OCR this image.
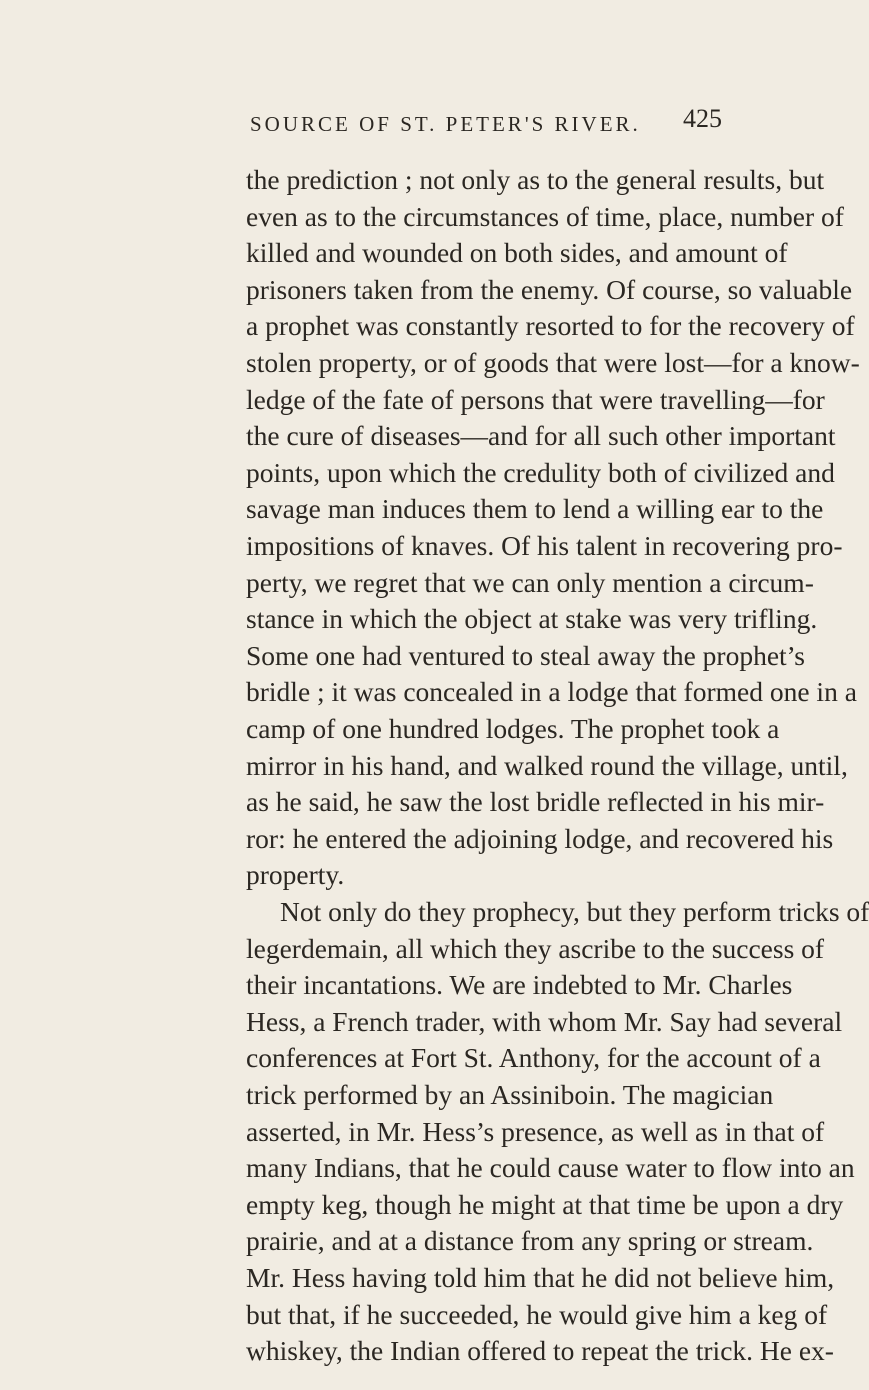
SOURCE OF ST. PETER'S RIVER. 425
the prediction ; not only as to the general results, but
even as to the circumstances of time, place, number of
killed and wounded on both sides, and amount of
prisoners taken from the enemy. Of course, so valuable
a prophet was constantly resorted to for the recovery of
stolen property, or of goods that were lost—for a know-
ledge of the fate of persons that were travelling—for
the cure of diseases—and for all such other important
points, upon which the credulity both of civilized and
savage man induces them to lend a willing ear to the
impositions of knaves. Of his talent in recovering pro-
perty, we regret that we can only mention a circum-
stance in which the object at stake was very trifling.
Some one had ventured to steal away the prophet’s
bridle ; it was concealed in a lodge that formed one in a
camp of one hundred lodges. The prophet took a
mirror in his hand, and walked round the village, until,
as he said, he saw the lost bridle reflected in his mir-
ror: he entered the adjoining lodge, and recovered his
property.
Not only do they prophecy, but they perform tricks of
legerdemain, all which they ascribe to the success of
their incantations. We are indebted to Mr. Charles
Hess, a French trader, with whom Mr. Say had several
conferences at Fort St. Anthony, for the account of a
trick performed by an Assiniboin. The magician
asserted, in Mr. Hess’s presence, as well as in that of
many Indians, that he could cause water to flow into an
empty keg, though he might at that time be upon a dry
prairie, and at a distance from any spring or stream.
Mr. Hess having told him that he did not believe him,
but that, if he succeeded, he would give him a keg of
whiskey, the Indian offered to repeat the trick. He ex-
